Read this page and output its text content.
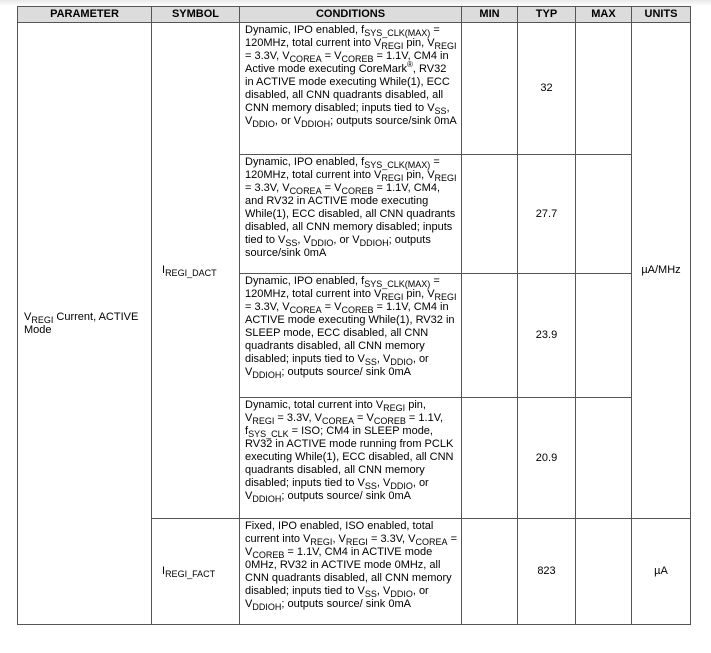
PARAMETER	SYMBOL	CONDITIONS	MIN	TYP	MAX	UNITS
$V_{REGI}$ Current, ACTIVE Mode	$I_{REGI\_DACT}$	Dynamic, IPO enabled, $f_{SYS\_CLK(MAX)} = 120MHz$, total current into $V_{REGI}$ pin, $V_{REGI} = 3.3V$, $V_{COREA} = V_{COREB} = 1.1V$, CM4 in Active mode executing CoreMark®, RV32 in ACTIVE mode executing While(1), ECC disabled, all CNN quadrants disabled, all CNN memory disabled; inputs tied to $V_{SS}$, $V_{DDIO}$, or $V_{DDIOH}$; outputs source/sink 0mA		32		µA/MHz
		Dynamic, IPO enabled, $f_{SYS\_CLK(MAX)} = 120MHz$, total current into $V_{REGI}$ pin, $V_{REGI} = 3.3V$, $V_{COREA} = V_{COREB} = 1.1V$, CM4, and RV32 in ACTIVE mode executing While(1), ECC disabled, all CNN quadrants disabled, all CNN memory disabled; inputs tied to $V_{SS}$, $V_{DDIO}$, or $V_{DDIOH}$; outputs source/sink 0mA		27.7		
		Dynamic, IPO enabled, $f_{SYS\_CLK(MAX)} = 120MHz$, total current into $V_{REGI}$ pin, $V_{REGI} = 3.3V$, $V_{COREA} = V_{COREB} = 1.1V$, CM4 in ACTIVE mode executing While(1), RV32 in SLEEP mode, ECC disabled, all CNN quadrants disabled, all CNN memory disabled; inputs tied to $V_{SS}$, $V_{DDIO}$, or $V_{DDIOH}$; outputs source/ sink 0mA		23.9		
		Dynamic, total current into $V_{REGI}$ pin, $V_{REGI} = 3.3V$, $V_{COREA} = V_{COREB} = 1.1V$, $f_{SYS\_CLK}$ = ISO; CM4 in SLEEP mode, RV32 in ACTIVE mode running from PCLK executing While(1), ECC disabled, all CNN quadrants disabled, all CNN memory disabled; inputs tied to $V_{SS}$, $V_{DDIO}$, or $V_{DDIOH}$; outputs source/ sink 0mA		20.9		
	$I_{REGI\_FACT}$	Fixed, IPO enabled, ISO enabled, total current into $V_{REGI}$, $V_{REGI} = 3.3V$, $V_{COREA} = V_{COREB} = 1.1V$, CM4 in ACTIVE mode 0MHz, RV32 in ACTIVE mode 0MHz, all CNN quadrants disabled, all CNN memory disabled; inputs tied to $V_{SS}$, $V_{DDIO}$, or $V_{DDIOH}$; outputs source/ sink 0mA		823		µA
